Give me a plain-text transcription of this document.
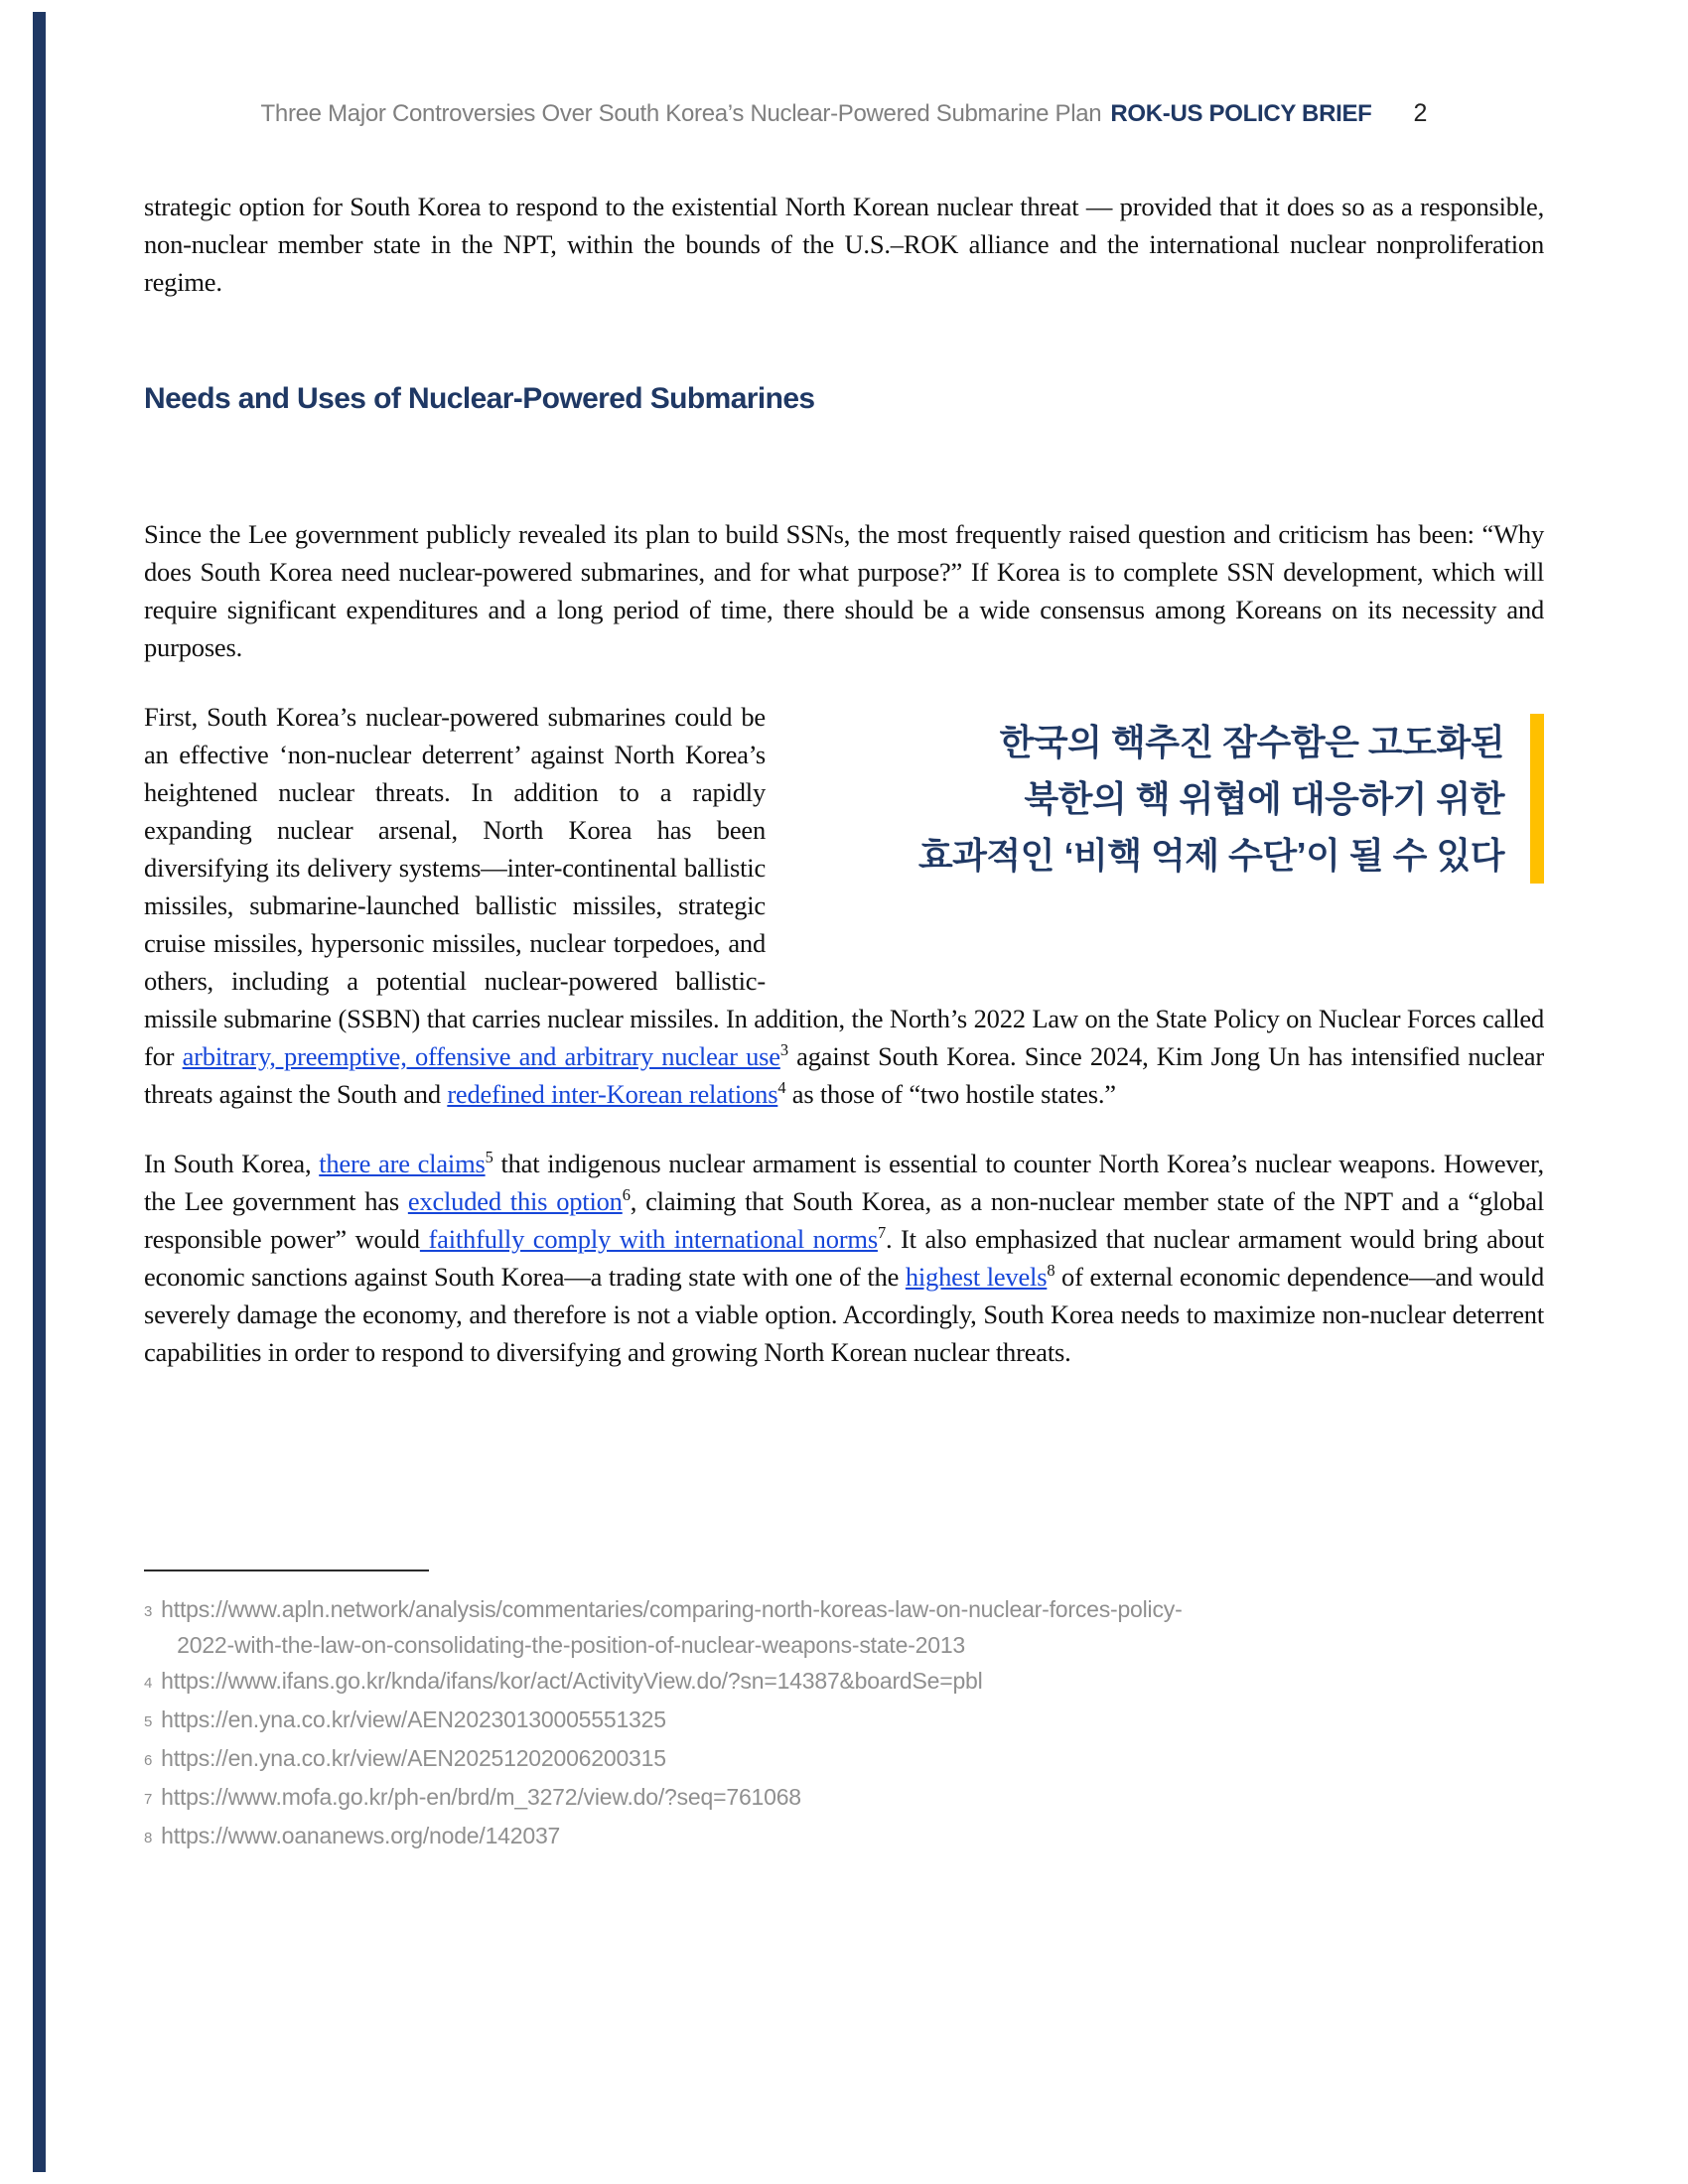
Three Major Controversies Over South Korea’s Nuclear-Powered Submarine Plan ROK-US POLICY BRIEF 2
strategic option for South Korea to respond to the existential North Korean nuclear threat — provided that it does so as a responsible, non-nuclear member state in the NPT, within the bounds of the U.S.–ROK alliance and the international nuclear nonproliferation regime.
Needs and Uses of Nuclear-Powered Submarines
Since the Lee government publicly revealed its plan to build SSNs, the most frequently raised question and criticism has been: “Why does South Korea need nuclear-powered submarines, and for what purpose?” If Korea is to complete SSN development, which will require significant expenditures and a long period of time, there should be a wide consensus among Koreans on its necessity and purposes.
한국의 핵추진 잠수함은 고도화된
북한의 핵 위협에 대응하기 위한
효과적인 ‘비핵 억제 수단’이 될 수 있다
First, South Korea’s nuclear-powered submarines could be an effective ‘non-nuclear deterrent’ against North Korea’s heightened nuclear threats. In addition to a rapidly expanding nuclear arsenal, North Korea has been diversifying its delivery systems—inter-continental ballistic missiles, submarine-launched ballistic missiles, strategic cruise missiles, hypersonic missiles, nuclear torpedoes, and others, including a potential nuclear-powered ballistic-missile submarine (SSBN) that carries nuclear missiles. In addition, the North’s 2022 Law on the State Policy on Nuclear Forces called for arbitrary, preemptive, offensive and arbitrary nuclear use$^3$ against South Korea. Since 2024, Kim Jong Un has intensified nuclear threats against the South and redefined inter-Korean relations$^4$ as those of “two hostile states.”
In South Korea, there are claims$^5$ that indigenous nuclear armament is essential to counter North Korea’s nuclear weapons. However, the Lee government has excluded this option$^6$, claiming that South Korea, as a non-nuclear member state of the NPT and a “global responsible power” would faithfully comply with international norms$^7$. It also emphasized that nuclear armament would bring about economic sanctions against South Korea—a trading state with one of the highest levels$^8$ of external economic dependence—and would severely damage the economy, and therefore is not a viable option. Accordingly, South Korea needs to maximize non-nuclear deterrent capabilities in order to respond to diversifying and growing North Korean nuclear threats.
3 https://www.apln.network/analysis/commentaries/comparing-north-koreas-law-on-nuclear-forces-policy-
2022-with-the-law-on-consolidating-the-position-of-nuclear-weapons-state-2013
4 https://www.ifans.go.kr/knda/ifans/kor/act/ActivityView.do/?sn=14387&boardSe=pbl
5 https://en.yna.co.kr/view/AEN20230130005551325
6 https://en.yna.co.kr/view/AEN20251202006200315
7 https://www.mofa.go.kr/ph-en/brd/m_3272/view.do/?seq=761068
8 https://www.oananews.org/node/142037
